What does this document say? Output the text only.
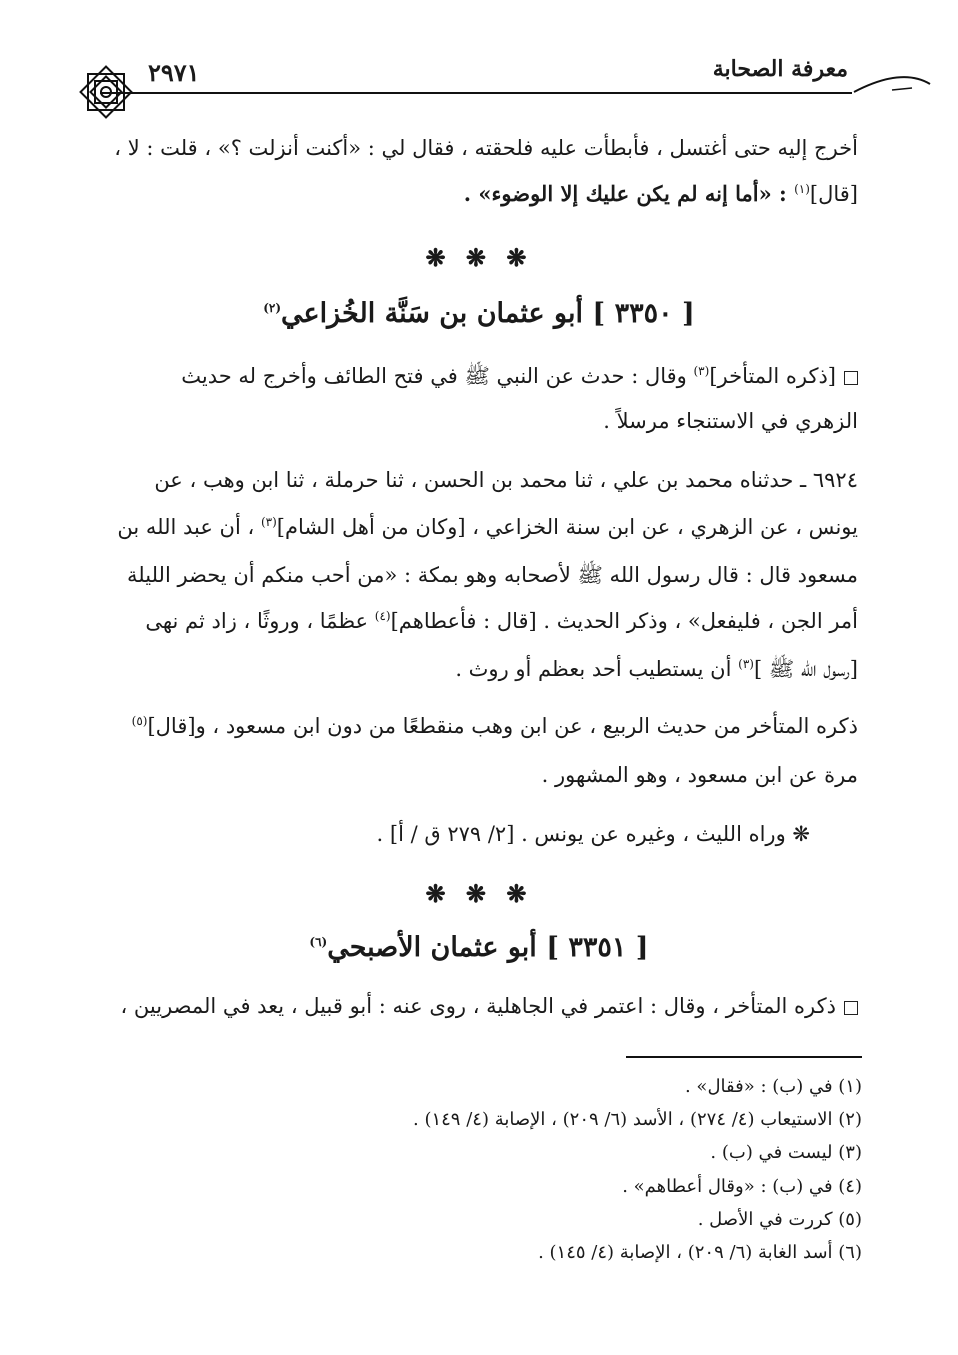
٢٩٧١	معرفة الصحابة
أخرج إليه حتى أغتسل ، فأبطأت عليه فلحقته ، فقال لي : «أكنت أنزلت ؟» ، قلت : لا ،
[قال]$^{(١)}$ : «أما إنه لم يكن عليك إلا الوضوء» .
❋ ❋ ❋
[ ٣٣٥٠ ] أبو عثمان بن سَنَّة الخُزاعي$^{(٢)}$
[ذكره المتأخر]$^{(٣)}$ وقال : حدث عن النبي ﷺ في فتح الطائف وأخرج له حديث
الزهري في الاستنجاء مرسلاً .
٦٩٢٤ ـ حدثناه محمد بن علي ، ثنا محمد بن الحسن ، ثنا حرملة ، ثنا ابن وهب ، عن
يونس ، عن الزهري ، عن ابن سنة الخزاعي ، [وكان من أهل الشام]$^{(٣)}$ ، أن عبد الله بن
مسعود قال : قال رسول الله ﷺ لأصحابه وهو بمكة : «من أحب منكم أن يحضر الليلة
أمر الجن ، فليفعل» ، وذكر الحديث . [قال : فأعطاهم]$^{(٤)}$ عظمًا ، وروثًا ، زاد ثم نهى
[رسول الله ﷺ ]$^{(٣)}$ أن يستطيب أحد بعظم أو روث .
ذكره المتأخر من حديث الربيع ، عن ابن وهب منقطعًا من دون ابن مسعود ، و[قال]$^{(٥)}$
مرة عن ابن مسعود ، وهو المشهور .
❋ وراه الليث ، وغيره عن يونس . [٢/ ٢٧٩ ق / أ] .
❋ ❋ ❋
[ ٣٣٥١ ] أبو عثمان الأصبحي$^{(٦)}$
ذكره المتأخر ، وقال : اعتمر في الجاهلية ، روى عنه : أبو قبيل ، يعد في المصريين ،
(١) في (ب) : «فقال» .
(٢) الاستيعاب (٤/ ٢٧٤) ، الأسد (٦/ ٢٠٩) ، الإصابة (٤/ ١٤٩) .
(٣) ليست في (ب) .
(٤) في (ب) : «وقال أعطاهم» .
(٥) كررت في الأصل .
(٦) أسد الغابة (٦/ ٢٠٩) ، الإصابة (٤/ ١٤٥) .
